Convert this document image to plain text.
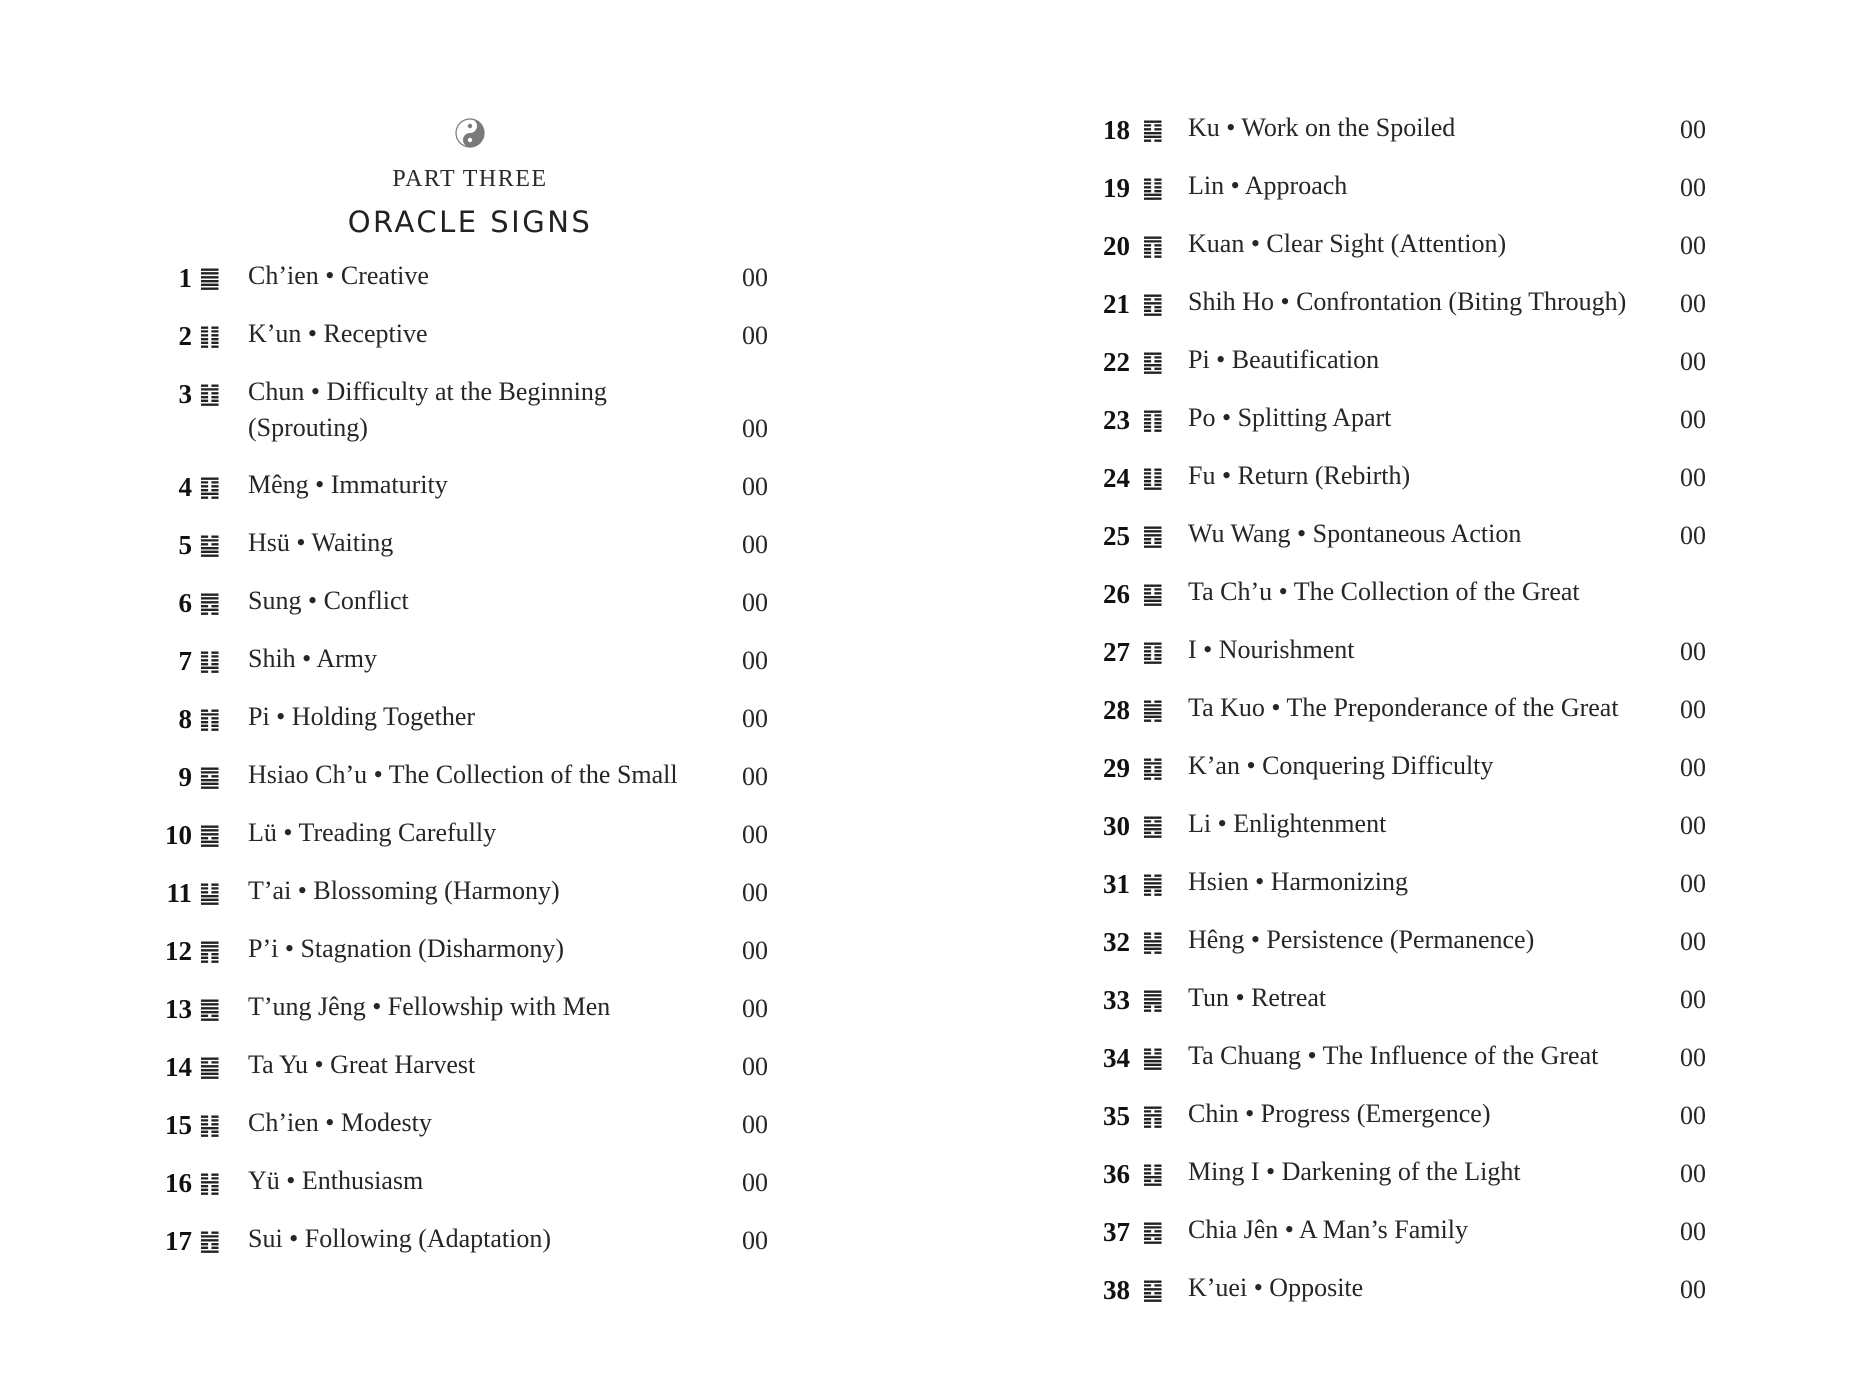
PART THREE
ORACLE SIGNS
1 ䷀ Ch’ien • Creative	00
2 ䷁ K’un • Receptive	00
3 ䷂ Chun • Difficulty at the Beginning
(Sprouting)	00
4 ䷃ Mêng • Immaturity	00
5 ䷄ Hsü • Waiting	00
6 ䷅ Sung • Conflict	00
7 ䷆ Shih • Army	00
8 ䷇ Pi • Holding Together	00
9 ䷈ Hsiao Ch’u • The Collection of the Small 00
10 ䷉ Lü • Treading Carefully	00
11 ䷊ T’ai • Blossoming (Harmony)	00
12 ䷋ P’i • Stagnation (Disharmony)	00
13 ䷌ T’ung Jêng • Fellowship with Men	00
14 ䷍ Ta Yu • Great Harvest	00
15 ䷎ Ch’ien • Modesty	00
16 ䷏ Yü • Enthusiasm	00
17 ䷐ Sui • Following (Adaptation)	00
18 ䷑ Ku • Work on the Spoiled	00
19 ䷒ Lin • Approach	00
20 ䷓ Kuan • Clear Sight (Attention)	00
21 ䷔ Shih Ho • Confrontation (Biting Through) 00
22 ䷕ Pi • Beautification	00
23 ䷖ Po • Splitting Apart	00
24 ䷗ Fu • Return (Rebirth)	00
25 ䷘ Wu Wang • Spontaneous Action	00
26 ䷙ Ta Ch’u • The Collection of the Great
27 ䷚ I • Nourishment	00
28 ䷛ Ta Kuo • The Preponderance of the Great 00
29 ䷜ K’an • Conquering Difficulty	00
30 ䷝ Li • Enlightenment	00
31 ䷞ Hsien • Harmonizing	00
32 ䷟ Hêng • Persistence (Permanence)	00
33 ䷠ Tun • Retreat	00
34 ䷡ Ta Chuang • The Influence of the Great	00
35 ䷢ Chin • Progress (Emergence)	00
36 ䷣ Ming I • Darkening of the Light	00
37 ䷤ Chia Jên • A Man’s Family	00
38 ䷥ K’uei • Opposite	00
